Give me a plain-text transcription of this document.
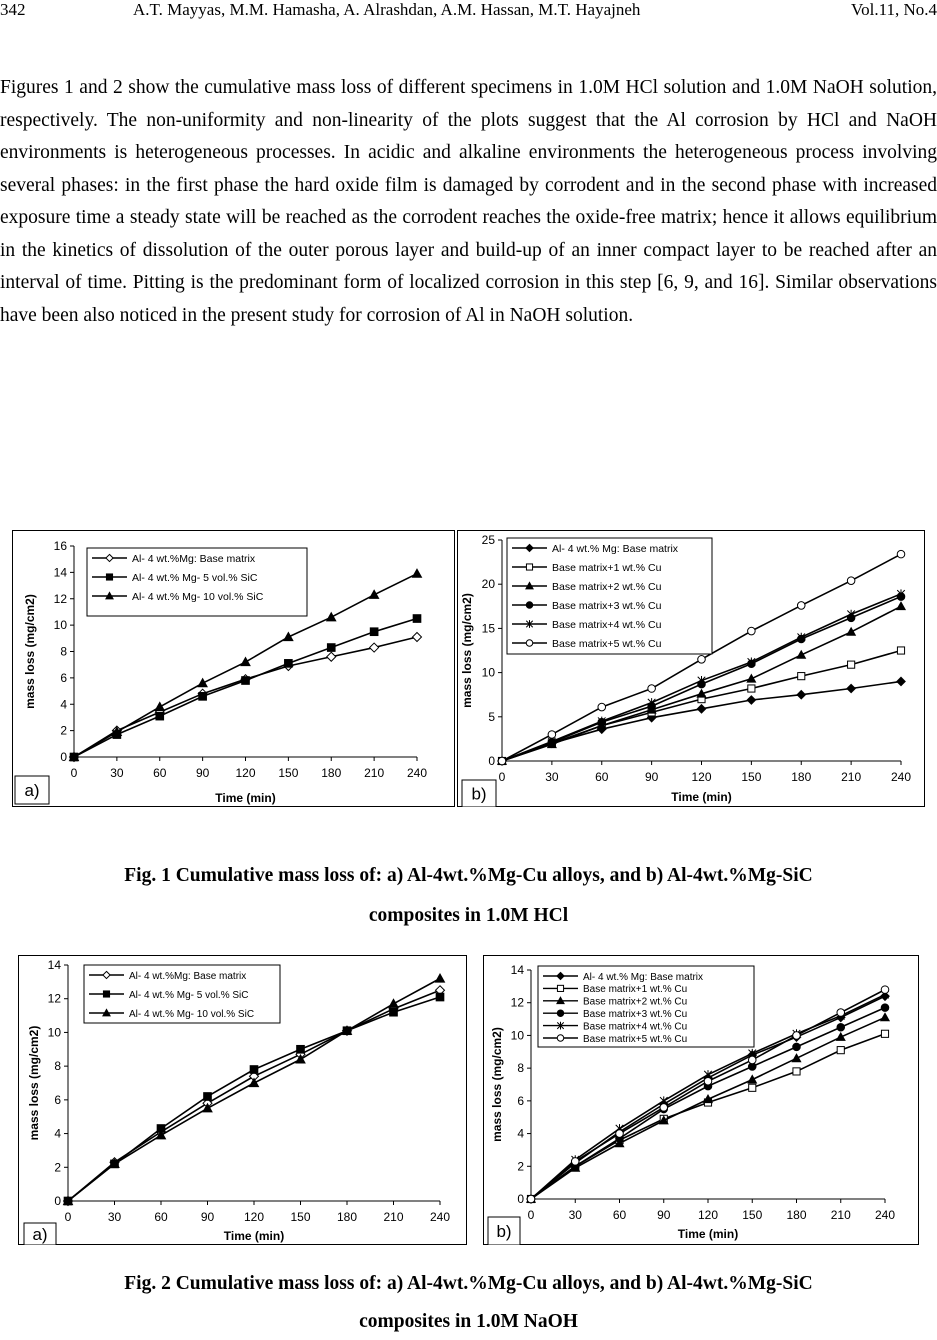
342	A.T. Mayyas, M.M. Hamasha, A. Alrashdan, A.M. Hassan, M.T. Hayajneh	Vol.11, No.4

Figures 1 and 2 show the cumulative mass loss of different specimens in 1.0M HCl solution and 1.0M NaOH solution, respectively. The non-uniformity and non-linearity of the plots suggest that the Al corrosion by HCl and NaOH environments is heterogeneous processes. In acidic and alkaline environments the heterogeneous process involving several phases: in the first phase the hard oxide film is damaged by corrodent and in the second phase with increased exposure time a steady state will be reached as the corrodent reaches the oxide-free matrix; hence it allows equilibrium in the kinetics of dissolution of the outer porous layer and build-up of an inner compact layer to be reached after an interval of time. Pitting is the predominant form of localized corrosion in this step [6, 9, and 16]. Similar observations have been also noticed in the present study for corrosion of Al in NaOH solution.

0
2
4
6
8
10
12
14
16
0	30 60 90 120 150 180 210 240
Time (min)
mass loss (mg/cm2)
Al- 4 wt.%Mg: Base matrix
Al- 4 wt.% Mg- 5 vol.% SiC
Al- 4 wt.% Mg- 10 vol.% SiC
a)
0
5
10
15
20
25
0	30	60	90	120 150 180 210 240
Time (min)
mass loss (mg/cm2)
Al- 4 wt.% Mg: Base matrix
Base matrix+1 wt.% Cu
Base matrix+2 wt.% Cu
Base matrix+3 wt.% Cu
Base matrix+4 wt.% Cu
Base matrix+5 wt.% Cu
b)

Fig. 1 Cumulative mass loss of: a) Al-4wt.%Mg-Cu alloys, and b) Al-4wt.%Mg-SiC

composites in 1.0M HCl

0
2
4
6
8
10
12
14
0	30	60	90 120 150 180 210 240
Time (min)
mass loss (mg/cm2)
Al- 4 wt.%Mg: Base matrix
Al- 4 wt.% Mg- 5 vol.% SiC
Al- 4 wt.% Mg- 10 vol.% SiC
a)
0
2
4
6
8
10
12
14
0	30	60	90 120 150 180 210 240
Time (min)
mass loss (mg/cm2)
Al- 4 wt.% Mg: Base matrix
Base matrix+1 wt.% Cu
Base matrix+2 wt.% Cu
Base matrix+3 wt.% Cu
Base matrix+4 wt.% Cu
Base matrix+5 wt.% Cu
b)

Fig. 2 Cumulative mass loss of: a) Al-4wt.%Mg-Cu alloys, and b) Al-4wt.%Mg-SiC

composites in 1.0M NaOH
